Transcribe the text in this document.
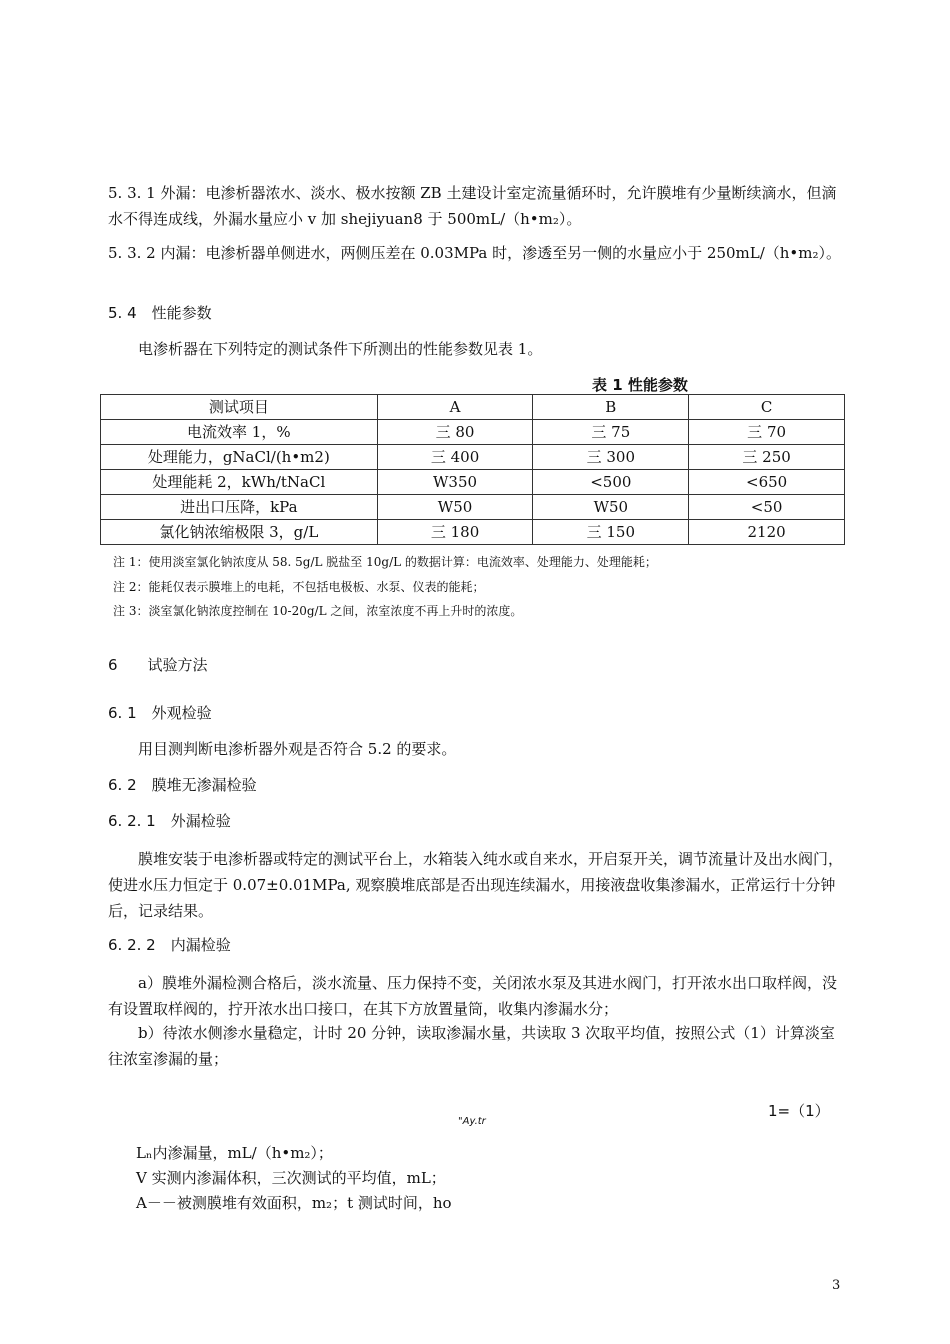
5. 3. 1 外漏：电渗析器浓水、淡水、极水按额 ZB 土建设计室定流量循环时，允许膜堆有少量断续滴水，但滴水不得连成线，外漏水量应小 v 加 shejiyuan8 于 500mL/（h•m₂）。

5. 3. 2 内漏：电渗析器单侧进水，两侧压差在 0.03MPa 时，渗透至另一侧的水量应小于 250mL/（h•m₂）。

5. 4　性能参数

电渗析器在下列特定的测试条件下所测出的性能参数见表 1。

表 1 性能参数
测试项目	A	B	C
电流效率 1，%	三 80	三 75	三 70
处理能力，gNaCl/(h•m2)	三 400	三 300	三 250
处理能耗 2，kWh/tNaCl	W350	<500	<650
进出口压降，kPa	W50	W50	<50
氯化钠浓缩极限 3，g/L	三 180	三 150	2120
注 1：使用淡室氯化钠浓度从 58. 5g/L 脱盐至 10g/L 的数据计算：电流效率、处理能力、处理能耗；
注 2：能耗仅表示膜堆上的电耗，不包括电极板、水泵、仪表的能耗；
注 3：淡室氯化钠浓度控制在 10-20g/L 之间，浓室浓度不再上升时的浓度。

6　　试验方法

6. 1　外观检验

用目测判断电渗析器外观是否符合 5.2 的要求。

6. 2　膜堆无渗漏检验

6. 2. 1　外漏检验

膜堆安装于电渗析器或特定的测试平台上，水箱装入纯水或自来水，开启泵开关，调节流量计及出水阀门，使进水压力恒定于 0.07±0.01MPa, 观察膜堆底部是否出现连续漏水，用接液盘收集渗漏水，正常运行十分钟后，记录结果。

6. 2. 2　内漏检验

a）膜堆外漏检测合格后，淡水流量、压力保持不变，关闭浓水泵及其进水阀门，打开浓水出口取样阀，没有设置取样阀的，拧开浓水出口接口，在其下方放置量筒，收集内渗漏水分；

b）待浓水侧渗水量稳定，计时 20 分钟，读取渗漏水量，共读取 3 次取平均值，按照公式（1）计算淡室往浓室渗漏的量；

1=（1）
"Ay.tr
Lₙ内渗漏量，mL/（h•m₂）；
V 实测内渗漏体积，三次测试的平均值，mL；
A－－被测膜堆有效面积，m₂；t 测试时间，hο
3
